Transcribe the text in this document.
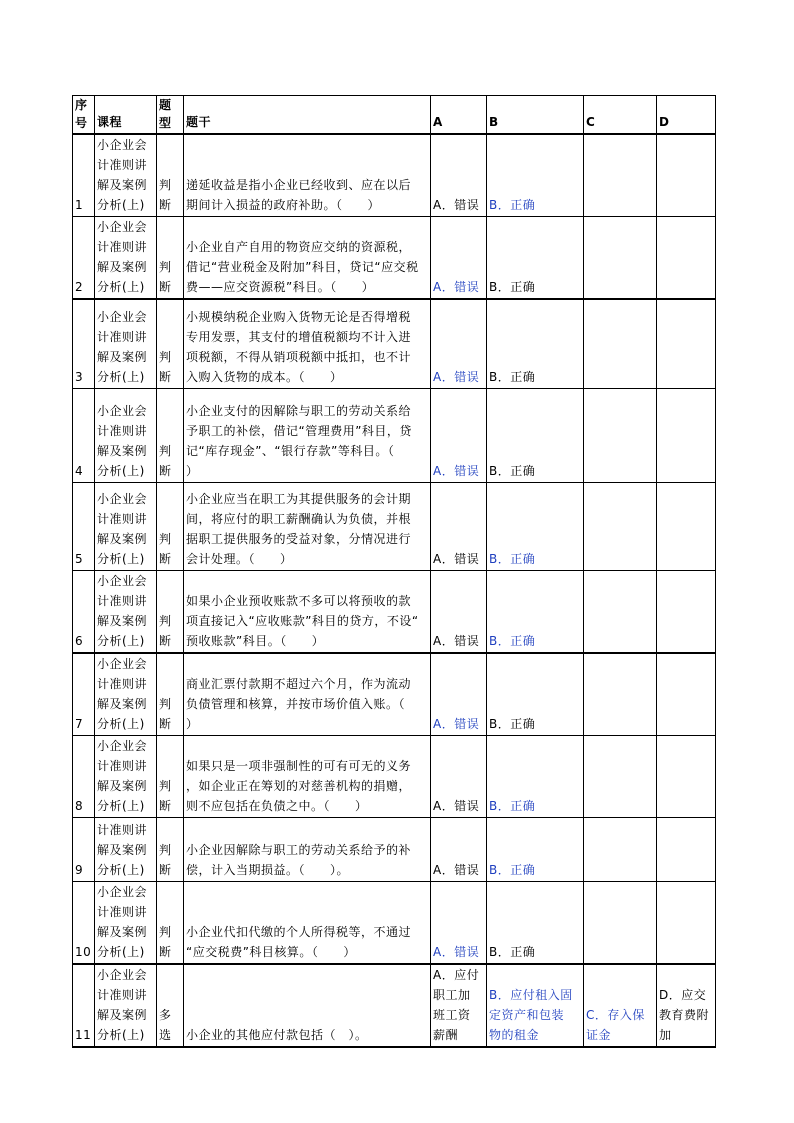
序号	课程	题型	题干	A	B	C	D

1	小企业会
计准则讲
解及案例
分析(上)	判
断	递延收益是指小企业已经收到、应在以后
期间计入损益的政府补助。（　　）	A．错误	B．正确		

2	小企业会
计准则讲
解及案例
分析(上)	判
断	小企业自产自用的物资应交纳的资源税，
借记“营业税金及附加”科目，贷记“应交税
费——应交资源税”科目。（　　）	A．错误	B．正确		

3	小企业会
计准则讲
解及案例
分析(上)	判
断	小规模纳税企业购入货物无论是否得增税
专用发票，其支付的增值税额均不计入进
项税额，不得从销项税额中抵扣，也不计
入购入货物的成本。（　　）	A．错误	B．正确		

4	小企业会
计准则讲
解及案例
分析(上)	判
断	小企业支付的因解除与职工的劳动关系给
予职工的补偿，借记“管理费用”科目，贷
记“库存现金”、“银行存款”等科目。（
）	A．错误	B．正确		

5	小企业会
计准则讲
解及案例
分析(上)	判
断	小企业应当在职工为其提供服务的会计期
间，将应付的职工薪酬确认为负债，并根
据职工提供服务的受益对象，分情况进行
会计处理。（　　）	A．错误	B．正确		

6	小企业会
计准则讲
解及案例
分析(上)	判
断	如果小企业预收账款不多可以将预收的款
项直接记入“应收账款”科目的贷方，不设“
预收账款”科目。（　　）	A．错误	B．正确		

7	小企业会
计准则讲
解及案例
分析(上)	判
断	商业汇票付款期不超过六个月，作为流动
负债管理和核算，并按市场价值入账。（
）	A．错误	B．正确		

8	小企业会
计准则讲
解及案例
分析(上)	判
断	如果只是一项非强制性的可有可无的义务
，如企业正在筹划的对慈善机构的捐赠，
则不应包括在负债之中。（　　）	A．错误	B．正确		

9	计准则讲
解及案例
分析(上)	判
断	小企业因解除与职工的劳动关系给予的补
偿，计入当期损益。（　　）。	A．错误	B．正确		

10	小企业会
计准则讲
解及案例
分析(上)	判
断	小企业代扣代缴的个人所得税等，不通过
“应交税费”科目核算。（　　）	A．错误	B．正确		

11	小企业会
计准则讲
解及案例
分析(上)	多
选	小企业的其他应付款包括（　）。	A．应付
职工加
班工资
薪酬	B．应付租入固
定资产和包装
物的租金	C．存入保
证金	D．应交
教育费附
加
